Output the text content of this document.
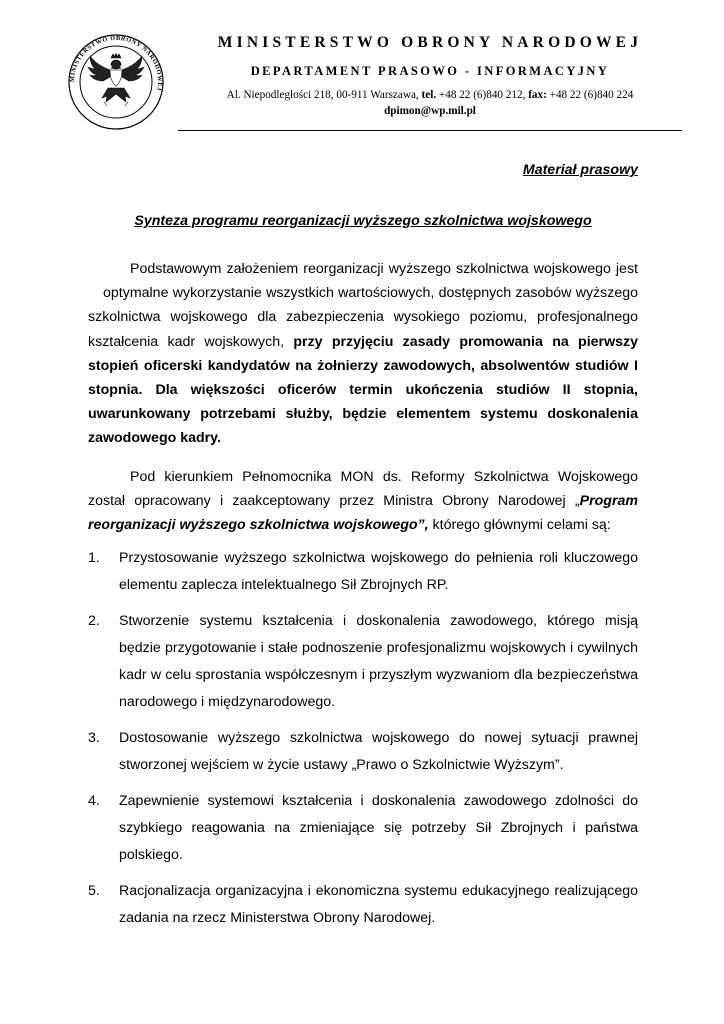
MINISTERSTWO OBRONY NARODOWEJ
MINISTERSTWO OBRONY NARODOWEJ
DEPARTAMENT PRASOWO - INFORMACYJNY
Al. Niepodległości 218, 00-911 Warszawa, tel. +48 22 (6)840 212, fax: +48 22 (6)840 224
dpimon@wp.mil.pl
Materiał prasowy
Synteza programu reorganizacji wyższego szkolnictwa wojskowego

Podstawowym założeniem reorganizacji wyższego szkolnictwa wojskowego jestoptymalne wykorzystanie wszystkich wartościowych, dostępnych zasobów wyższego szkolnictwa wojskowego dla zabezpieczenia wysokiego poziomu, profesjonalnego kształcenia kadr wojskowych, przy przyjęciu zasady promowania na pierwszy stopień oficerski kandydatów na żołnierzy zawodowych, absolwentów studiów I stopnia. Dla większości oficerów termin ukończenia studiów II stopnia, uwarunkowany potrzebami służby, będzie elementem systemu doskonalenia zawodowego kadry.

Pod kierunkiem Pełnomocnika MON ds. Reformy Szkolnictwa Wojskowego został opracowany i zaakceptowany przez Ministra Obrony Narodowej „Program reorganizacji wyższego szkolnictwa wojskowego”, którego głównymi celami są:

1.	Przystosowanie wyższego szkolnictwa wojskowego do pełnienia roli kluczowego elementu zaplecza intelektualnego Sił Zbrojnych RP.
2.	Stworzenie systemu kształcenia i doskonalenia zawodowego, którego misją będzie przygotowanie i stałe podnoszenie profesjonalizmu wojskowych i cywilnych kadr w celu sprostania współczesnym i przyszłym wyzwaniom dla bezpieczeństwa narodowego i międzynarodowego.
3.	Dostosowanie wyższego szkolnictwa wojskowego do nowej sytuacji prawnej stworzonej wejściem w życie ustawy „Prawo o Szkolnictwie Wyższym”.
4.	Zapewnienie systemowi kształcenia i doskonalenia zawodowego zdolności do szybkiego reagowania na zmieniające się potrzeby Sił Zbrojnych i państwa polskiego.
5.	Racjonalizacja organizacyjna i ekonomiczna systemu edukacyjnego realizującego zadania na rzecz Ministerstwa Obrony Narodowej.
